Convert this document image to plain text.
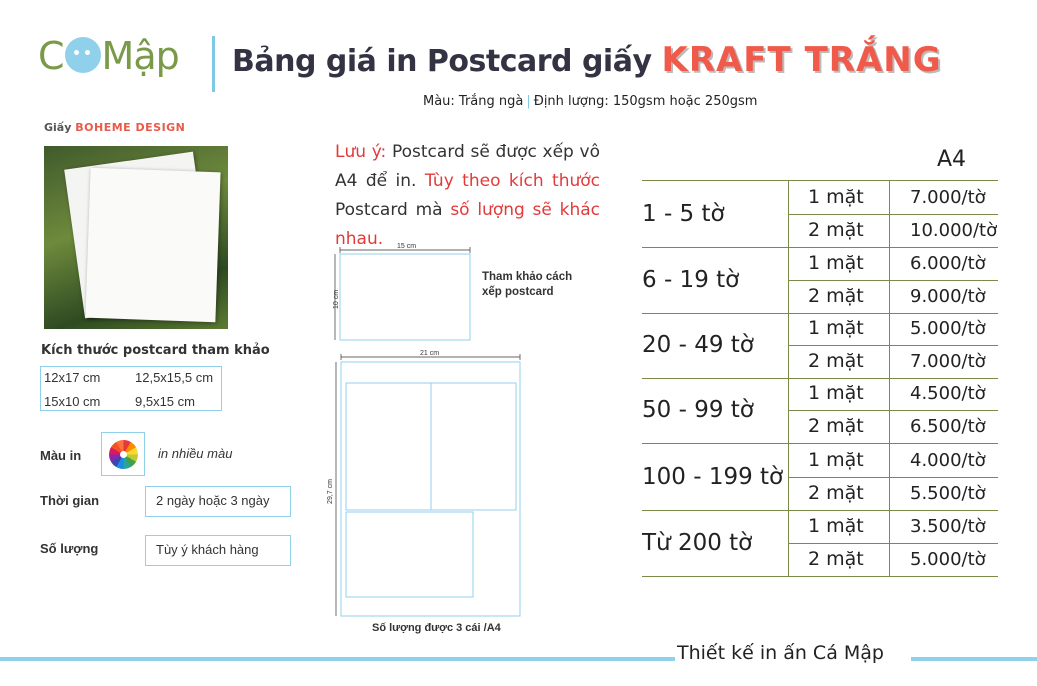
C Mập Bảng giá in Postcard giấy KRAFT TRẮNG
Màu: Trắng ngà | Định lượng: 150gsm hoặc 250gsm
Giấy BOHEME DESIGN
Kích thước postcard tham khảo
12x17 cm	12,5x15,5 cm
15x10 cm	9,5x15 cm
Màu in	in nhiều màu
Thời gian	2 ngày hoặc 3 ngày
Số lượng	Tùy ý khách hàng
Lưu ý: Postcard sẽ được xếp vô A4 để in. Tùy theo kích thước Postcard mà số lượng sẽ khác nhau.	15 cm
10 cm
Tham khảo cách xếp postcard
21 cm
29,7 cm
Số lượng được 3 cái /A4
A4
1 - 5 tờ
1 mặt	7.000/tờ
2 mặt	10.000/tờ
6 - 19 tờ
1 mặt	6.000/tờ
2 mặt	9.000/tờ
20 - 49 tờ
1 mặt	5.000/tờ
2 mặt	7.000/tờ
50 - 99 tờ
1 mặt	4.500/tờ
2 mặt	6.500/tờ
100 - 199 tờ
1 mặt	4.000/tờ
2 mặt	5.500/tờ
Từ 200 tờ
1 mặt	3.500/tờ
2 mặt	5.000/tờ
Thiết kế in ấn Cá Mập
